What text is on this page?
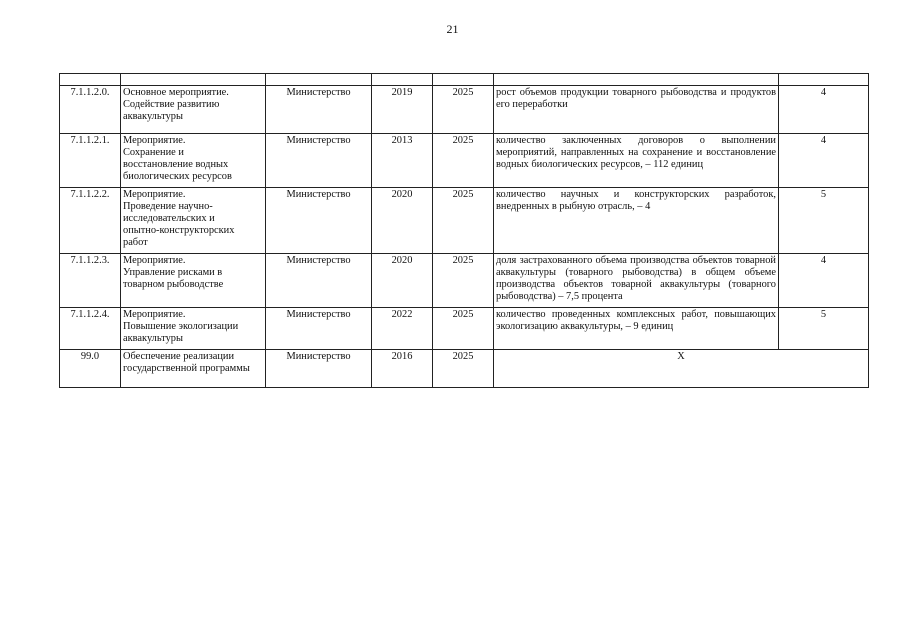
21

7.1.1.2.0.	Основное мероприятие.
Содействие развитию
аквакультуры	Министерство	2019	2025	рост объемов продукции товарного рыбоводства и продуктов его переработки	4
7.1.1.2.1.	Мероприятие.
Сохранение и
восстановление водных
биологических ресурсов	Министерство	2013	2025	количество заключенных договоров о выполнении мероприятий, направленных на сохранение и восстановление водных биологических ресурсов, – 112 единиц	4
7.1.1.2.2.	Мероприятие.
Проведение научно-
исследовательских и
опытно-конструкторских
работ	Министерство	2020	2025	количество научных и конструкторских разработок, внедренных в рыбную отрасль, – 4	5
7.1.1.2.3.	Мероприятие.
Управление рисками в
товарном рыбоводстве	Министерство	2020	2025	доля застрахованного объема производства объектов товарной аквакультуры (товарного рыбоводства) в общем объеме производства объектов товарной аквакультуры (товарного рыбоводства) – 7,5 процента	4
7.1.1.2.4.	Мероприятие.
Повышение экологизации
аквакультуры	Министерство	2022	2025	количество проведенных комплексных работ, повышающих экологизацию аквакультуры, – 9 единиц	5
99.0	Обеспечение реализации
государственной программы	Министерство	2016	2025	Х	
